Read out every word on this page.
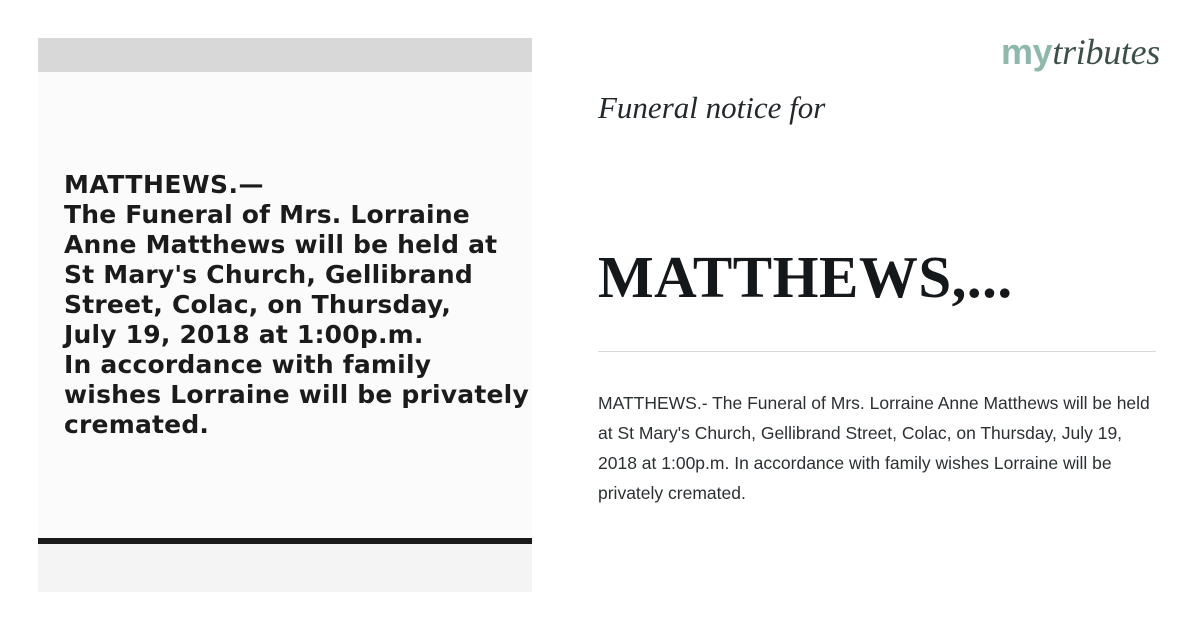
MATTHEWS.—
The Funeral of Mrs. Lorraine
Anne Matthews will be held at
St Mary's Church, Gellibrand
Street, Colac, on Thursday,
July 19, 2018 at 1:00p.m.
In accordance with family
wishes Lorraine will be privately
cremated.
mytributes
Funeral notice for
MATTHEWS,...

MATTHEWS.- The Funeral of Mrs. Lorraine Anne Matthews will be held at St Mary's Church, Gellibrand Street, Colac, on Thursday, July 19, 2018 at 1:00p.m. In accordance with family wishes Lorraine will be privately cremated.
